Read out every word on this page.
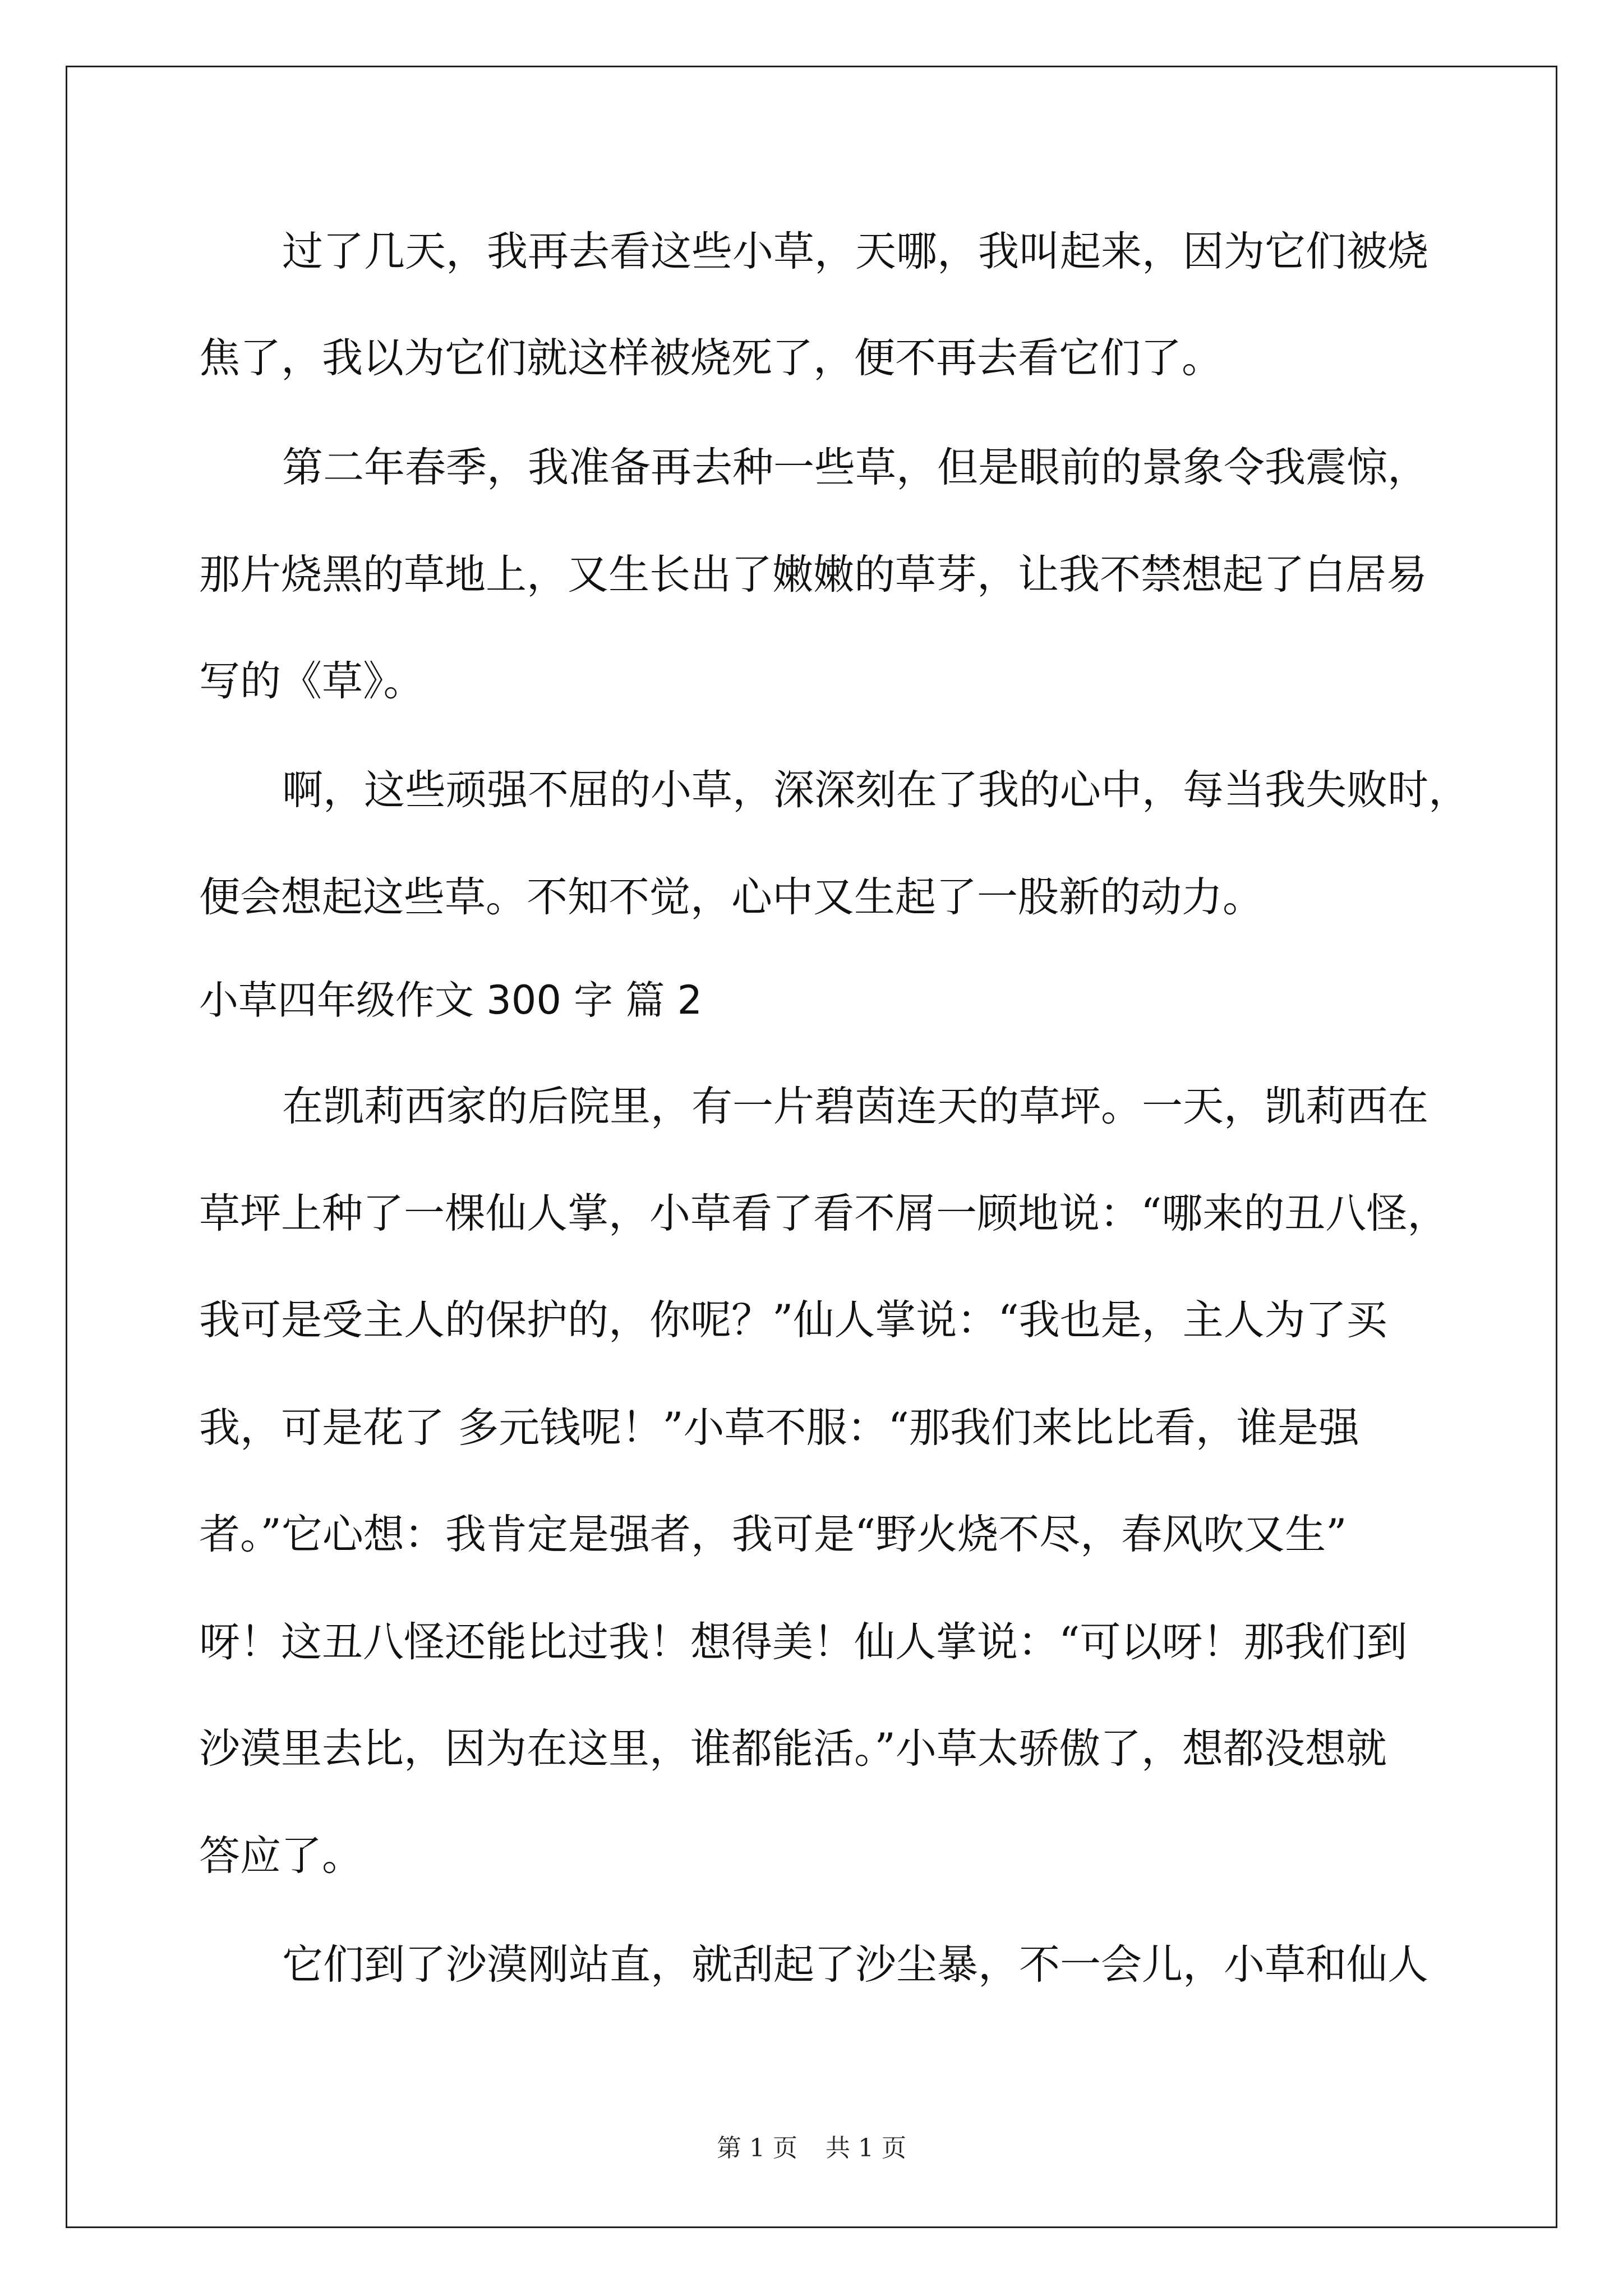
过了几天，我再去看这些小草，天哪，我叫起来，因为它们被烧
焦了，我以为它们就这样被烧死了，便不再去看它们了。
第二年春季，我准备再去种一些草，但是眼前的景象令我震惊，
那片烧黑的草地上，又生长出了嫩嫩的草芽，让我不禁想起了白居易
写的《草》。
啊，这些顽强不屈的小草，深深刻在了我的心中，每当我失败时，
便会想起这些草。不知不觉，心中又生起了一股新的动力。
小草四年级作文 300 字 篇 2
在凯莉西家的后院里，有一片碧茵连天的草坪。一天，凯莉西在
草坪上种了一棵仙人掌，小草看了看不屑一顾地说：“哪来的丑八怪，
我可是受主人的保护的，你呢？”仙人掌说：“我也是，主人为了买
我，可是花了 多元钱呢！”小草不服：“那我们来比比看，谁是强
者。”它心想：我肯定是强者，我可是“野火烧不尽，春风吹又生”
呀！这丑八怪还能比过我！想得美！仙人掌说：“可以呀！那我们到
沙漠里去比，因为在这里，谁都能活。”小草太骄傲了，想都没想就
答应了。
它们到了沙漠刚站直，就刮起了沙尘暴，不一会儿，小草和仙人
第 1 页 共 1 页
